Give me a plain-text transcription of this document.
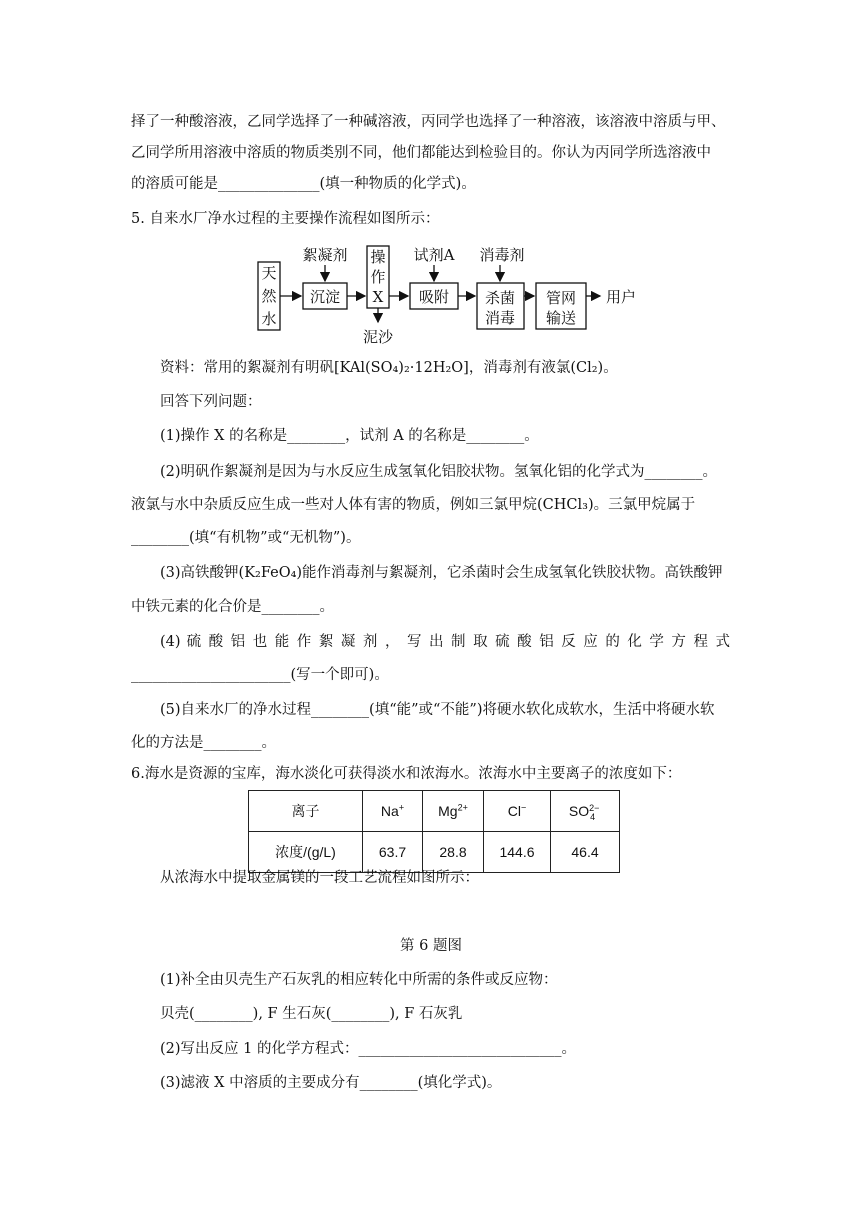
择了一种酸溶液，乙同学选择了一种碱溶液，丙同学也选择了一种溶液，该溶液中溶质与甲、
乙同学所用溶液中溶质的物质类别不同，他们都能达到检验目的。你认为丙同学所选溶液中
的溶质可能是______________(填一种物质的化学式)。
5. 自来水厂净水过程的主要操作流程如图所示：
天
然
水
絮凝剂
沉淀
操
作
X
泥沙
试剂A
吸附
消毒剂
杀菌
消毒
管网
输送
用户
资料：常用的絮凝剂有明矾[KAl(SO₄)₂·12H₂O]，消毒剂有液氯(Cl₂)。
回答下列问题：
(1)操作 X 的名称是________，试剂 A 的名称是________。
(2)明矾作絮凝剂是因为与水反应生成氢氧化铝胶状物。氢氧化铝的化学式为________。
液氯与水中杂质反应生成一些对人体有害的物质，例如三氯甲烷(CHCl₃)。三氯甲烷属于
________(填“有机物”或“无机物”)。
(3)高铁酸钾(K₂FeO₄)能作消毒剂与絮凝剂，它杀菌时会生成氢氧化铁胶状物。高铁酸钾
中铁元素的化合价是________。
(4) 硫 酸 铝 也 能 作 絮 凝 剂 ， 写 出 制 取 硫 酸 铝 反 应 的 化 学 方 程 式
______________________(写一个即可)。
(5)自来水厂的净水过程________(填“能”或“不能”)将硬水软化成软水，生活中将硬水软
化的方法是________。
6.海水是资源的宝库，海水淡化可获得淡水和浓海水。浓海水中主要离子的浓度如下：
离子	Na+	$Mg^{2+}$	Cl−	SO 2−
4

浓度/(g/L)	63.7	28.8	144.6	46.4
从浓海水中提取金属镁的一段工艺流程如图所示：
第 6 题图
(1)补全由贝壳生产石灰乳的相应转化中所需的条件或反应物：
贝壳(________), F 生石灰(________), F 石灰乳
(2)写出反应 1 的化学方程式：____________________________。
(3)滤液 X 中溶质的主要成分有________(填化学式)。
